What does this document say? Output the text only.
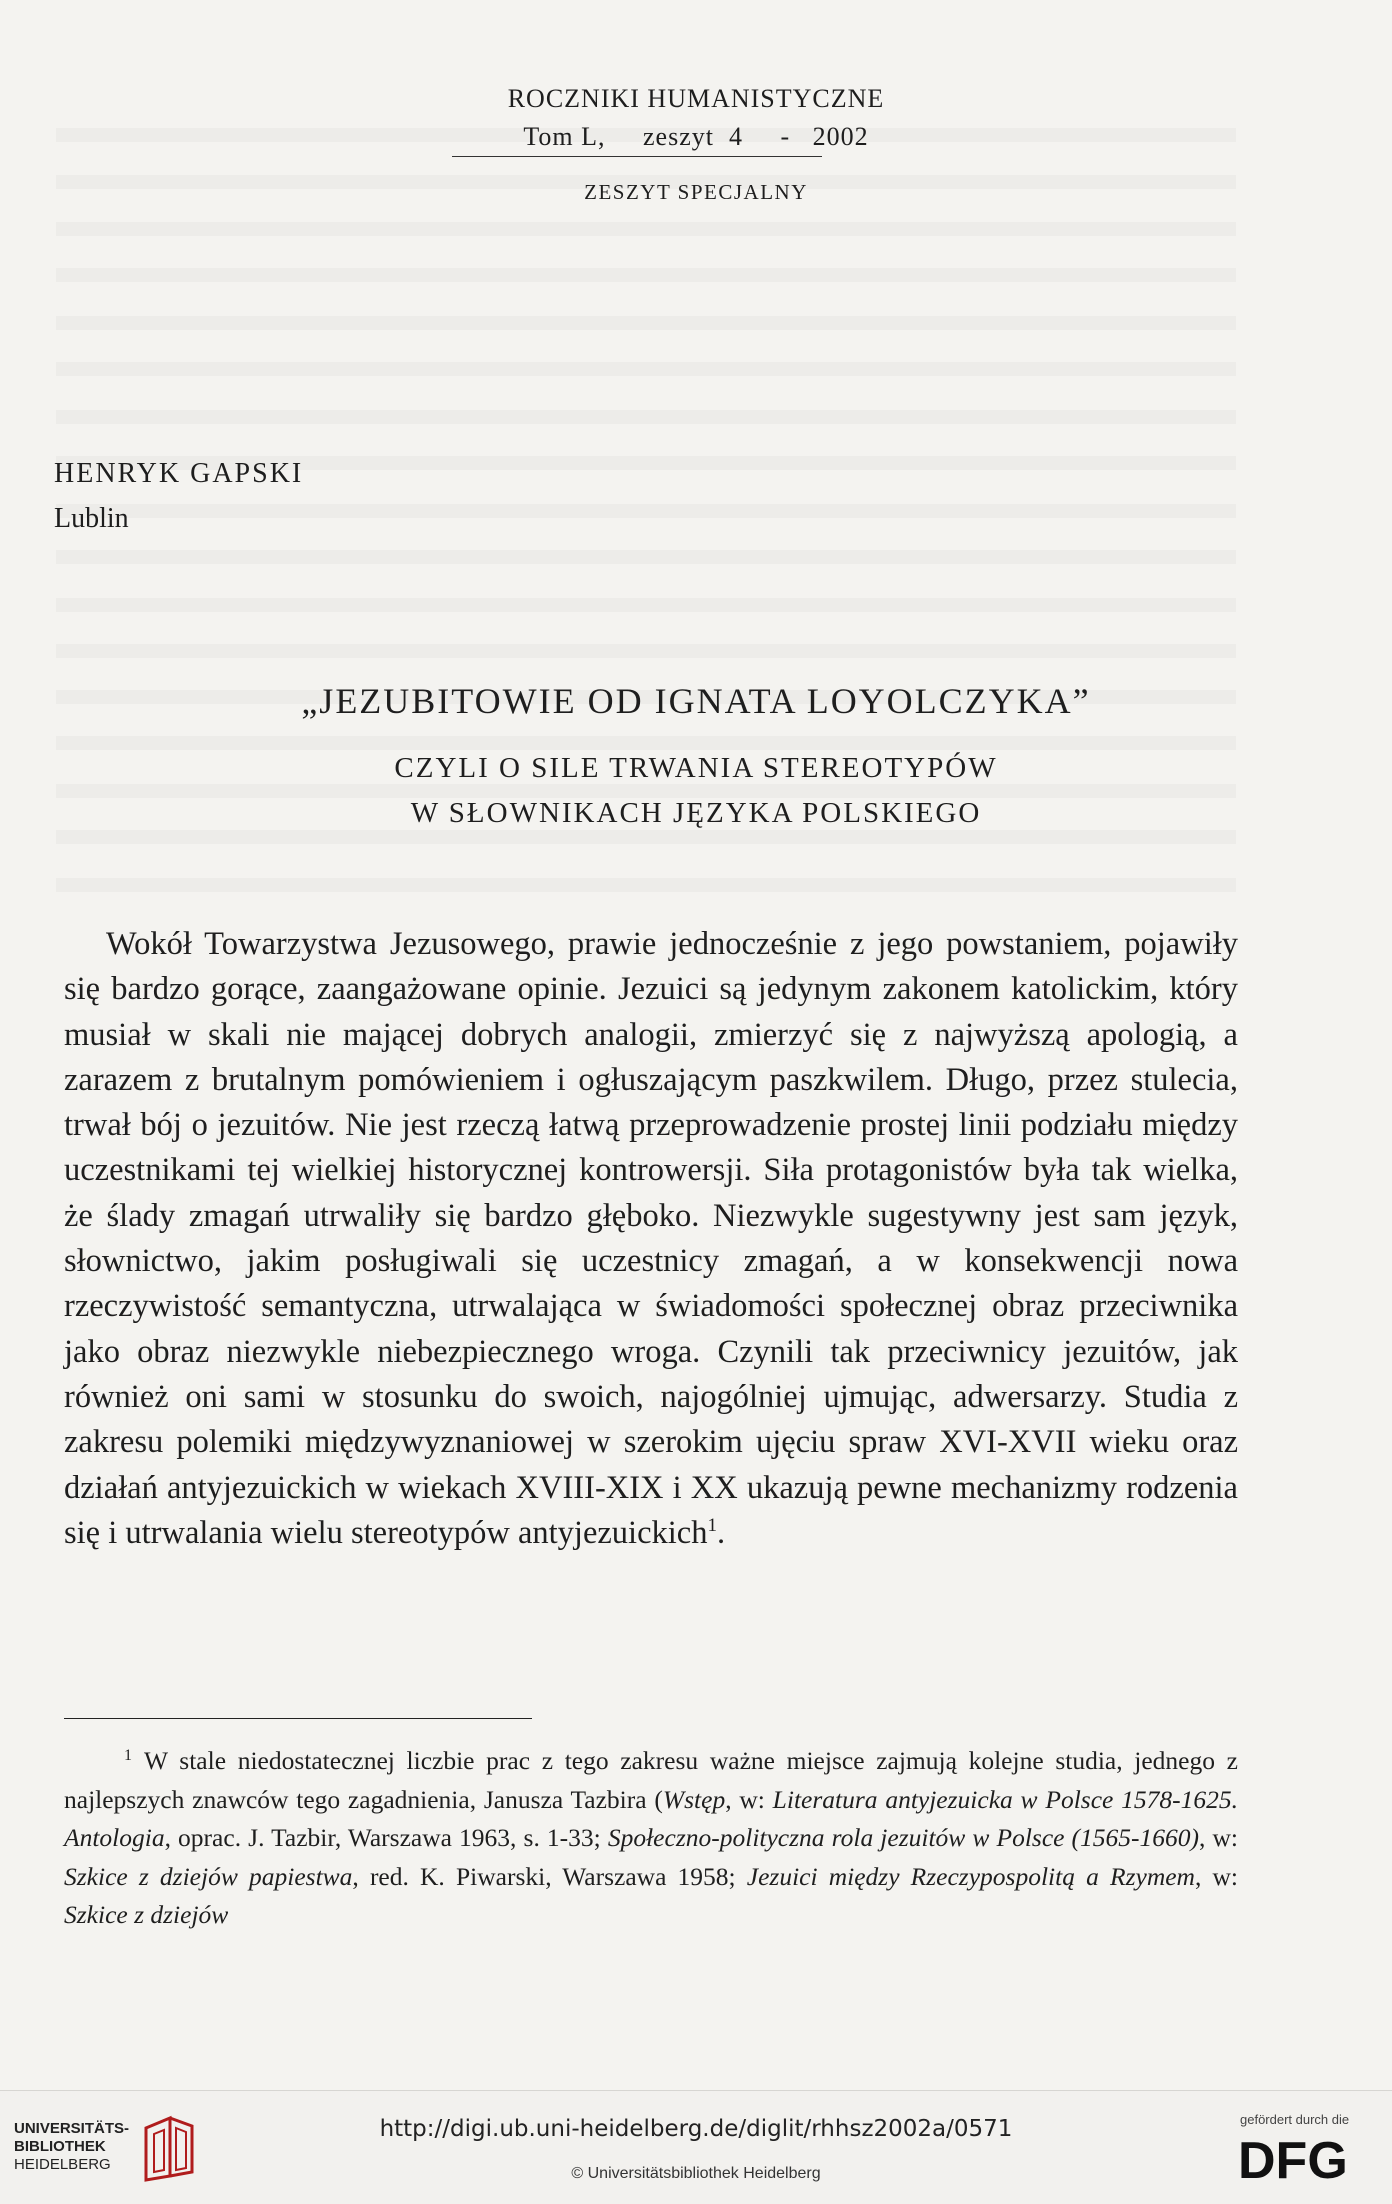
ROCZNIKI HUMANISTYCZNE
Tom L,     zeszyt  4     -   2002
ZESZYT SPECJALNY
HENRYK GAPSKI
Lublin
„JEZUBITOWIE OD IGNATA LOYOLCZYKA”
CZYLI O SILE TRWANIA STEREOTYPÓW
W SŁOWNIKACH JĘZYKA POLSKIEGO
Wokół Towarzystwa Jezusowego, prawie jednocześnie z jego powstaniem, pojawiły się bardzo gorące, zaangażowane opinie. Jezuici są jedynym zakonem katolickim, który musiał w skali nie mającej dobrych analogii, zmierzyć się z najwyższą apologią, a zarazem z brutalnym pomówieniem i ogłuszającym paszkwilem. Długo, przez stulecia, trwał bój o jezuitów. Nie jest rzeczą łatwą przeprowadzenie prostej linii podziału między uczestnikami tej wielkiej historycznej kontrowersji. Siła protagonistów była tak wielka, że ślady zmagań utrwaliły się bardzo głęboko. Niezwykle sugestywny jest sam język, słownictwo, jakim posługiwali się uczestnicy zmagań, a w konsekwencji nowa rzeczywistość semantyczna, utrwalająca w świadomości społecznej obraz przeciwnika jako obraz niezwykle niebezpiecznego wroga. Czynili tak przeciwnicy jezuitów, jak również oni sami w stosunku do swoich, najogólniej ujmując, adwersarzy. Studia z zakresu polemiki międzywyznaniowej w szerokim ujęciu spraw XVI-XVII wieku oraz działań antyjezuickich w wiekach XVIII-XIX i XX ukazują pewne mechanizmy rodzenia się i utrwalania wielu stereotypów antyjezuickich$^1$.
$^1$ W stale niedostatecznej liczbie prac z tego zakresu ważne miejsce zajmują kolejne studia, jednego z najlepszych znawców tego zagadnienia, Janusza Tazbira (Wstęp, w: Literatura antyjezuicka w Polsce 1578-1625. Antologia, oprac. J. Tazbir, Warszawa 1963, s. 1-33; Społeczno-polityczna rola jezuitów w Polsce (1565-1660), w: Szkice z dziejów papiestwa, red. K. Piwarski, Warszawa 1958; Jezuici między Rzeczypospolitą a Rzymem, w: Szkice z dziejów
UNIVERSITÄTS-
BIBLIOTHEK
HEIDELBERG
http://digi.ub.uni-heidelberg.de/diglit/rhhsz2002a/0571
© Universitätsbibliothek Heidelberg
gefördert durch die
DFG
